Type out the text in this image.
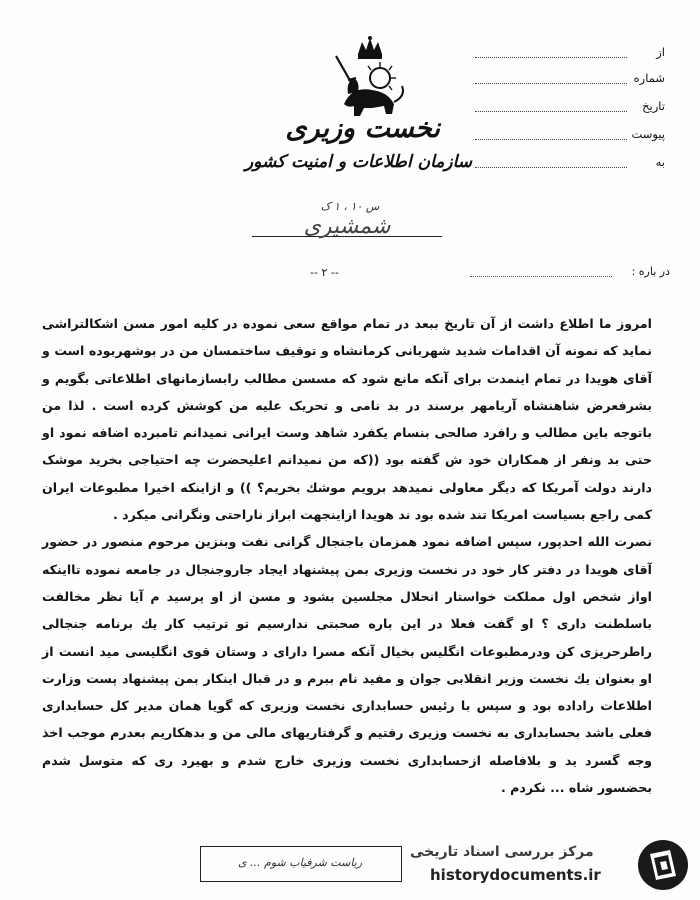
نخست وزیری
سازمان اطلاعات و امنیت کشور
س ۱۰ ، ۱ ک
شمشیری
از
شماره
تاریخ
پیوست
به
-- ۲ --	در باره :

امروز ما اطلاع داشت از آن تاریخ ببعد در تمام مواقع سعی نموده در کلیه امور مسن اشکالتراشی نماید که نمونه آن اقدامات شدید شهربانی کرمانشاه و توقیف ساختمسان من در بوشهربوده است و آقای هویدا در تمام اینمدت برای آنکه مانع شود که مسسن مطالب رابسازمانهای اطلاعاتی بگویم و بشرفعرض شاهنشاه آریامهر برسند در بد نامی و تحریک علیه من کوشش کرده است . لذا من باتوجه باین مطالب و رافرد صالحی بنسام یکفرد شاهد وست ایرانی نمیدانم تامبرده اضافه نمود او حتی بد ونفر از همکاران خود ش گفته بود ((که من نمیدانم اعلیحضرت چه احتیاجی بخرید موشک دارند دولت آمریکا که دیگر معاولی نمیدهد برویم موشك بخریم؟ )) و ازاینکه اخیرا مطبوعات ایران کمی راجع بسیاست امریکا تند شده بود ند هویدا ازاینجهت ابراز ناراحتی ونگرانی میکرد .

نصرت الله احدپور، سپس اضافه نمود همزمان باجنجال گرانی نفت وبنزین مرحوم منصور در حضور آقای هویدا در دفتر کار خود در نخست وزیری بمن پیشنهاد ایجاد جاروجنجال در جامعه نموده تااینکه اواز شخص اول مملکت خواستار انحلال مجلسین بشود و مسن از او پرسید م آیا نظر مخالفت باسلطنت داری ؟ او گفت فعلا در این باره صحبتی ندارسیم تو ترتیب کار یك برنامه جنجالی راطرحریزی کن ودرمطبوعات انگلیس بخیال آنکه مسرا دارای د وستان قوی انگلیسی مید انست از او بعنوان یك نخست وزیر انقلابی جوان و مفید نام ببرم و در قبال اینکار بمن پیشنهاد پست وزارت اطلاعات راداده بود و سپس با رئیس حسابداری نخست وزیری که گویا همان مدیر کل حسابداری فعلی باشد بحسابداری به نخست وزیری رفتیم و گرفتاریهای مالی من و بدهکاریم بعدرم موجب اخذ وجه گسرد ید و بلافاصله ازحسابداری نخست وزیری خارج شدم و بهیرد ری که متوسل شدم بحضسور شاه ... نکردم .

ریاست شرفیاب شوم ... ی
مرکز بررسی اسناد تاریخی
historydocuments.ir
